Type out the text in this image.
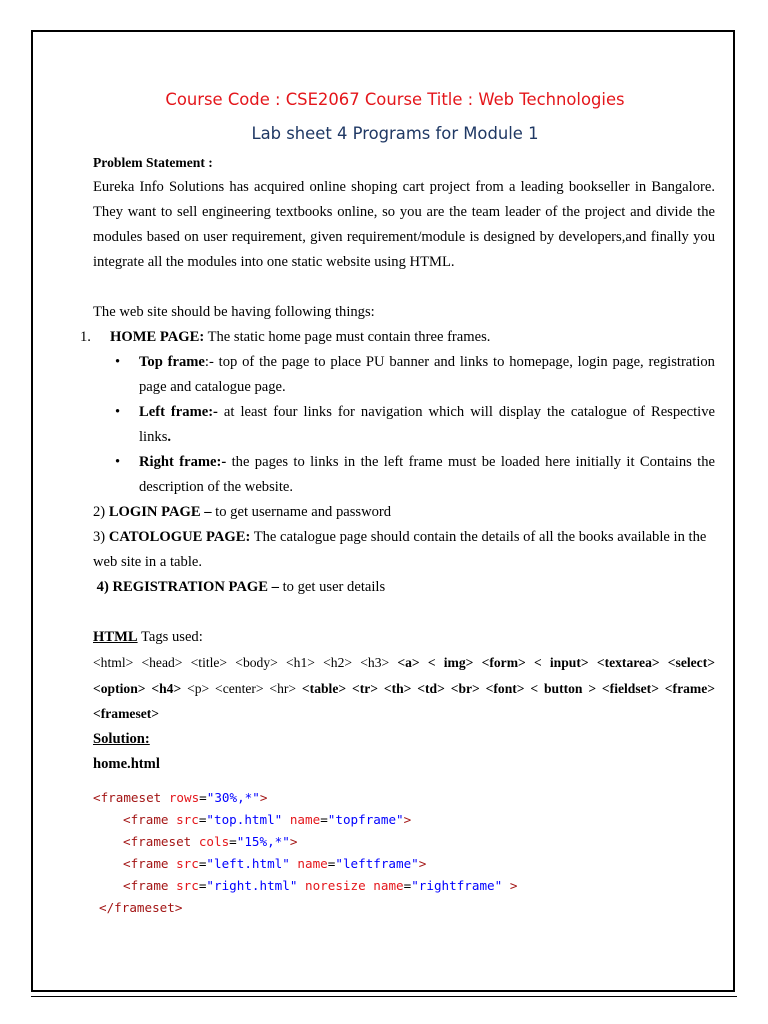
Course Code : CSE2067 Course Title : Web Technologies

Lab sheet 4 Programs for Module 1

Problem Statement :

Eureka Info Solutions has acquired online shoping cart project from a leading bookseller in Bangalore. They want to sell engineering textbooks online, so you are the team leader of the project and divide the modules based on user requirement, given requirement/module is designed by developers,and finally you integrate all the modules into one static website using HTML.

The web site should be having following things:

1. HOME PAGE: The static home page must contain three frames.

• Top frame:- top of the page to place PU banner and links to homepage, login page, registration page and catalogue page.

• Left frame:- at least four links for navigation which will display the catalogue of Respective links.

• Right frame:- the pages to links in the left frame must be loaded here initially it Contains the description of the website.

2) LOGIN PAGE – to get username and password

3) CATOLOGUE PAGE: The catalogue page should contain the details of all the books available in the web site in a table.

4) REGISTRATION PAGE – to get user details

HTML Tags used:

<html> <head> <title> <body> <h1> <h2> <h3> <a> < img> <form> < input> <textarea> <select> <option> <h4> <p> <center> <hr> <table> <tr> <th> <td> <br> <font> < button > <fieldset> <frame><frameset>

Solution:

home.html

<frameset rows="30%,*">
<frame src="top.html" name="topframe">
<frameset cols="15%,*">
<frame src="left.html" name="leftframe">
<frame src="right.html" noresize name="rightframe" >
</frameset>
